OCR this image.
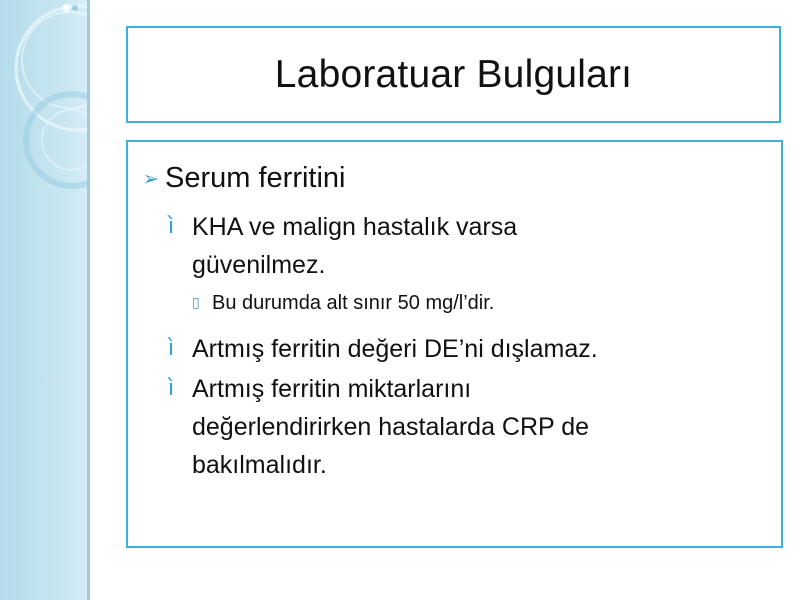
Laboratuar Bulguları
➢ Serum ferritini
ì KHA ve malign hastalık varsa
güvenilmez.
▯ Bu durumda alt sınır 50 mg/l’dir.
ì Artmış ferritin değeri DE’ni dışlamaz.
ì Artmış ferritin miktarlarını
değerlendirirken hastalarda CRP de
bakılmalıdır.
